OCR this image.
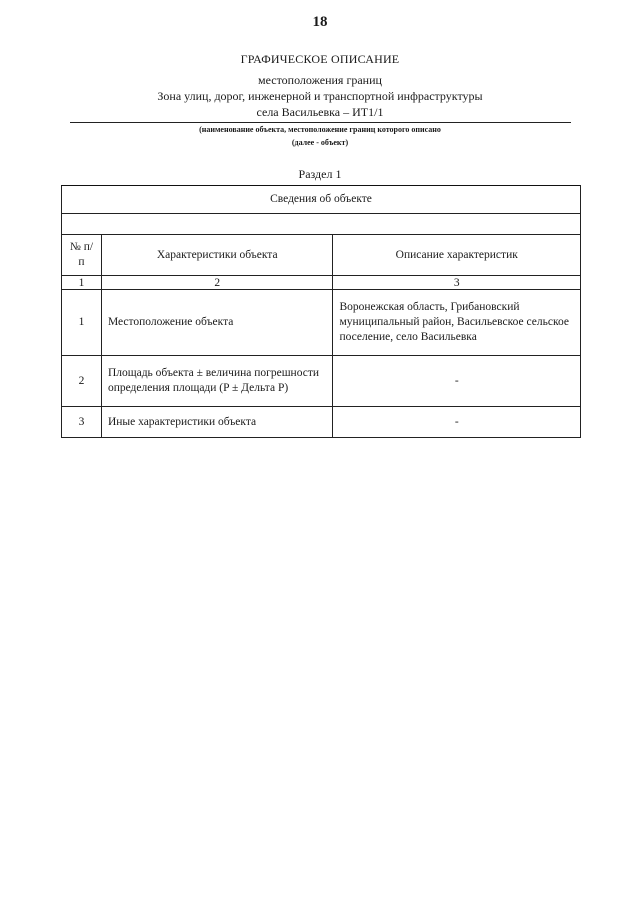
18
ГРАФИЧЕСКОЕ ОПИСАНИЕ
местоположения границ
Зона улиц, дорог, инженерной и транспортной инфраструктуры
села Васильевка – ИТ1/1
(наименование объекта, местоположение границ которого описано
(далее - объект)
Раздел 1
Сведения об объекте		

№ п/п	Характеристики объекта	Описание характеристик
1	2	3
1	Местоположение объекта	Воронежская область, Грибановский муниципальный район, Васильевское сельское поселение, село Васильевка
2	Площадь объекта ± величина погрешности определения площади (P ± Дельта P)	-
3	Иные характеристики объекта	-
